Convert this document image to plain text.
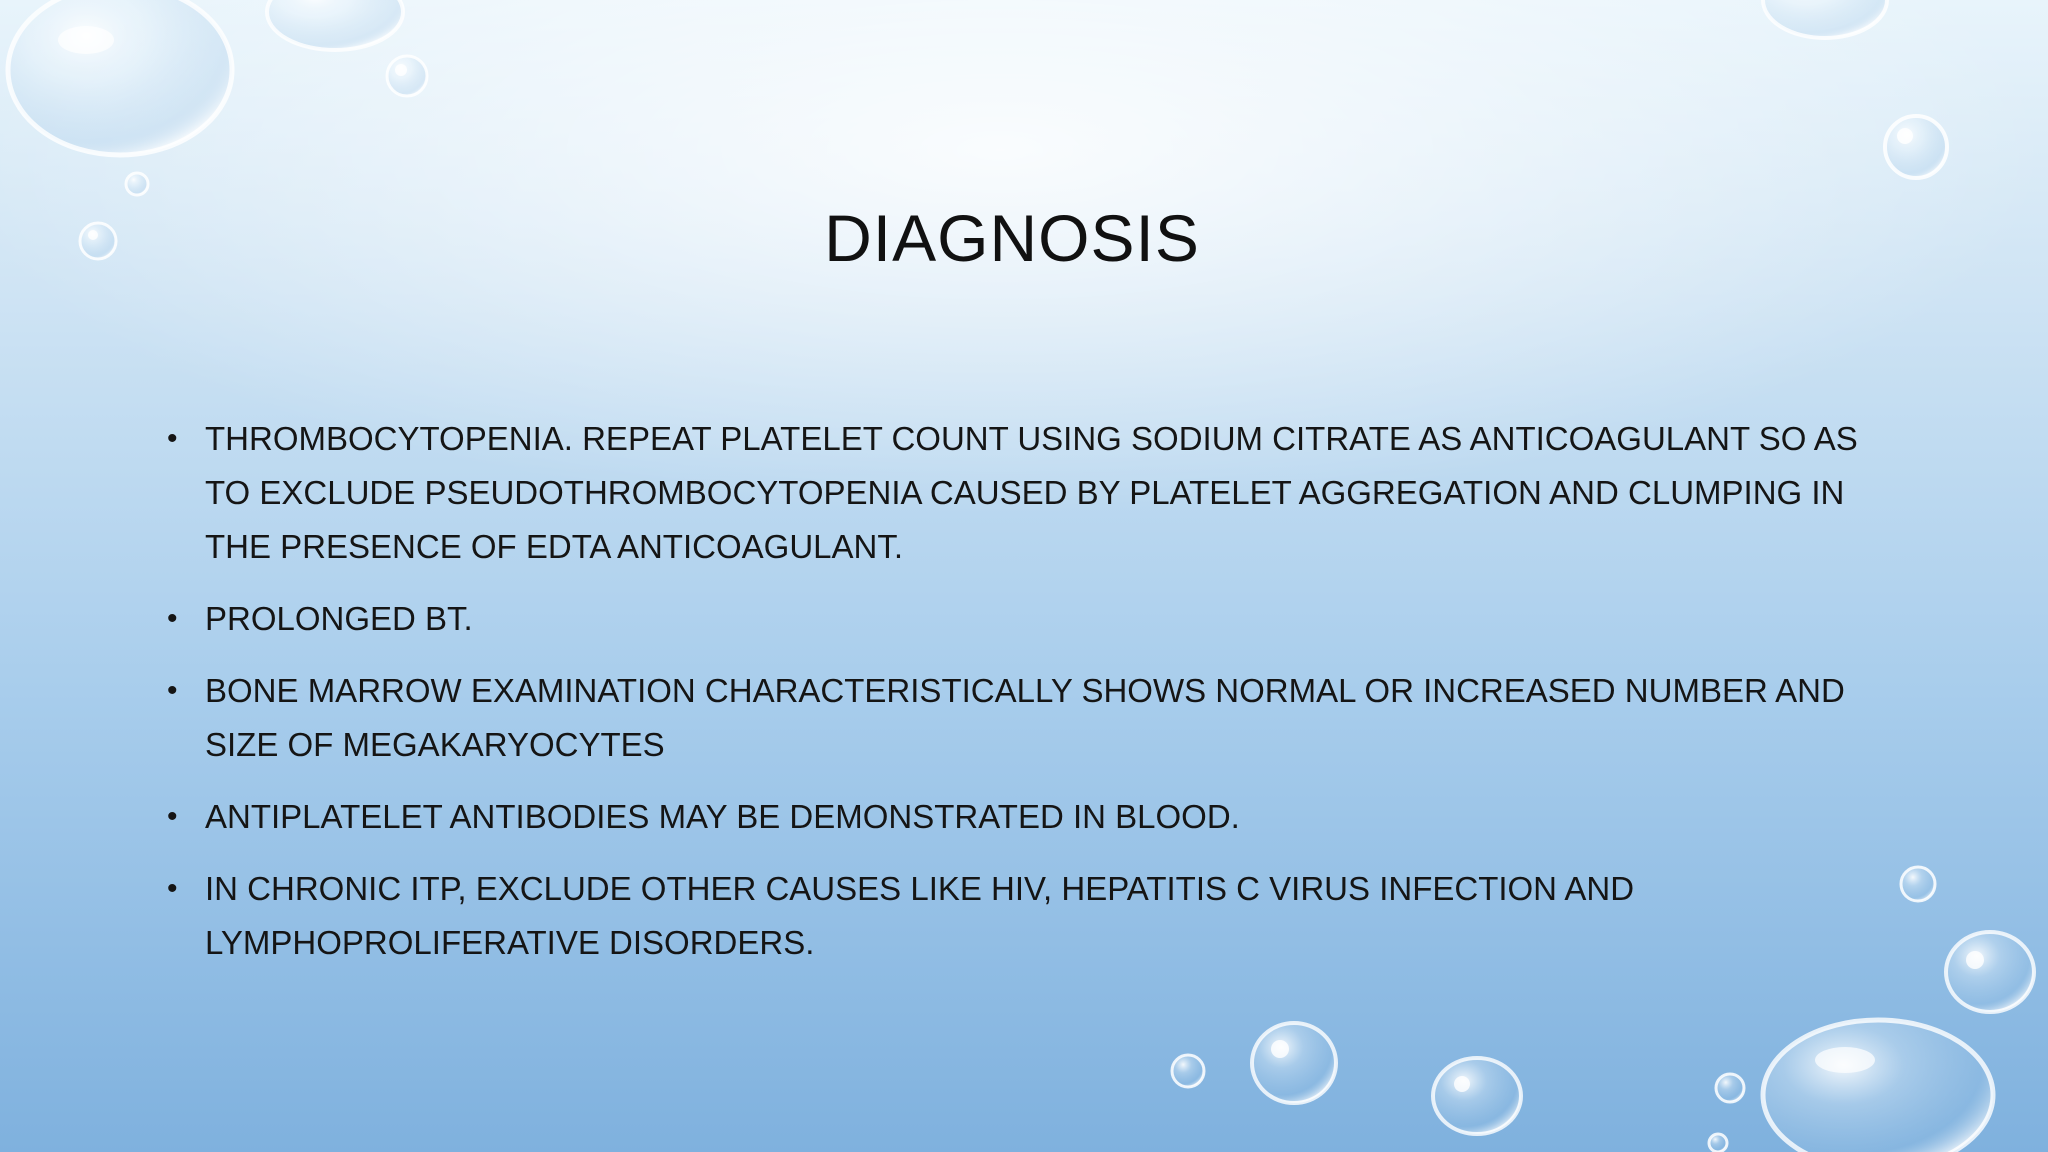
DIAGNOSIS
• THROMBOCYTOPENIA. REPEAT PLATELET COUNT USING SODIUM CITRATE AS ANTICOAGULANT SO AS TO EXCLUDE PSEUDOTHROMBOCYTOPENIA CAUSED BY PLATELET AGGREGATION AND CLUMPING IN THE PRESENCE OF EDTA ANTICOAGULANT.
• PROLONGED BT.
• BONE MARROW EXAMINATION CHARACTERISTICALLY SHOWS NORMAL OR INCREASED NUMBER AND SIZE OF MEGAKARYOCYTES
• ANTIPLATELET ANTIBODIES MAY BE DEMONSTRATED IN BLOOD.
• IN CHRONIC ITP, EXCLUDE OTHER CAUSES LIKE HIV, HEPATITIS C VIRUS INFECTION AND LYMPHOPROLIFERATIVE DISORDERS.
